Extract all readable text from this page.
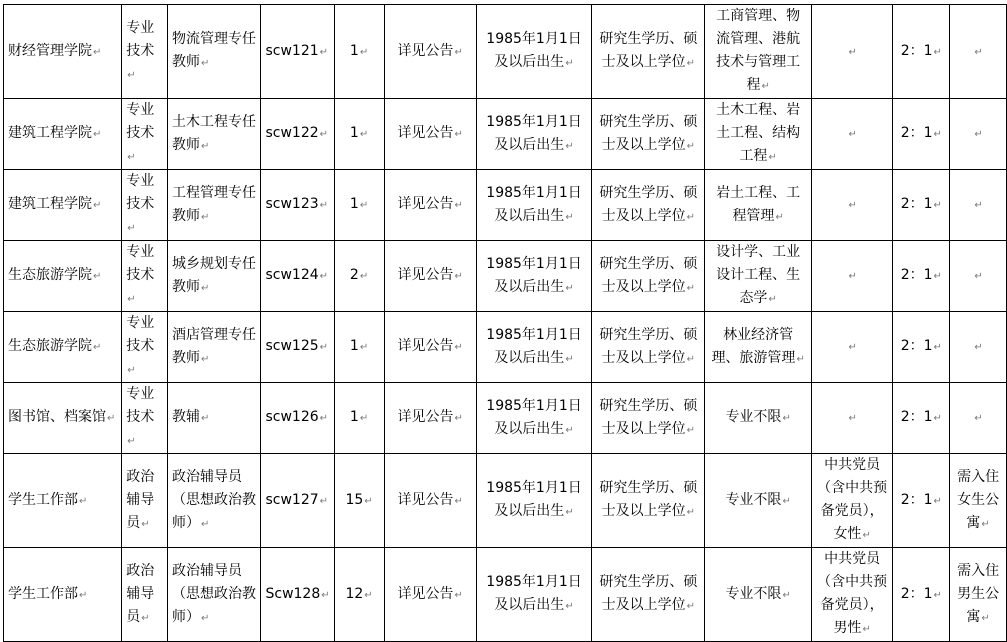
财经管理学院↵	专业技术↵	物流管理专任教师↵	scw121↵	1↵	详见公告↵	1985年1月1日及以后出生↵	研究生学历、硕士及以上学位↵	工商管理、物流管理、港航技术与管理工程↵	↵	2：1↵	↵
建筑工程学院↵	专业技术↵	土木工程专任教师↵	scw122↵	1↵	详见公告↵	1985年1月1日及以后出生↵	研究生学历、硕士及以上学位↵	土木工程、岩土工程、结构工程↵	↵	2：1↵	↵
建筑工程学院↵	专业技术↵	工程管理专任教师↵	scw123↵	1↵	详见公告↵	1985年1月1日及以后出生↵	研究生学历、硕士及以上学位↵	岩土工程、工程管理↵	↵	2：1↵	↵
生态旅游学院↵	专业技术↵	城乡规划专任教师↵	scw124↵	2↵	详见公告↵	1985年1月1日及以后出生↵	研究生学历、硕士及以上学位↵	设计学、工业设计工程、生态学↵	↵	2：1↵	↵
生态旅游学院↵	专业技术↵	酒店管理专任教师↵	scw125↵	1↵	详见公告↵	1985年1月1日及以后出生↵	研究生学历、硕士及以上学位↵	林业经济管理、旅游管理↵	↵	2：1↵	↵
图书馆、档案馆↵	专业技术↵	教辅↵	scw126↵	1↵	详见公告↵	1985年1月1日及以后出生↵	研究生学历、硕士及以上学位↵	专业不限↵	↵	2：1↵	↵
学生工作部↵	政治辅导员↵	政治辅导员（思想政治教师）↵	scw127↵	15↵	详见公告↵	1985年1月1日及以后出生↵	研究生学历、硕士及以上学位↵	专业不限↵	中共党员（含中共预备党员），女性↵	2：1↵	需入住女生公寓↵
学生工作部↵	政治辅导员↵	政治辅导员（思想政治教师）↵	Scw128↵	12↵	详见公告↵	1985年1月1日及以后出生↵	研究生学历、硕士及以上学位↵	专业不限↵	中共党员（含中共预备党员），男性↵	2：1↵	需入住男生公寓↵
